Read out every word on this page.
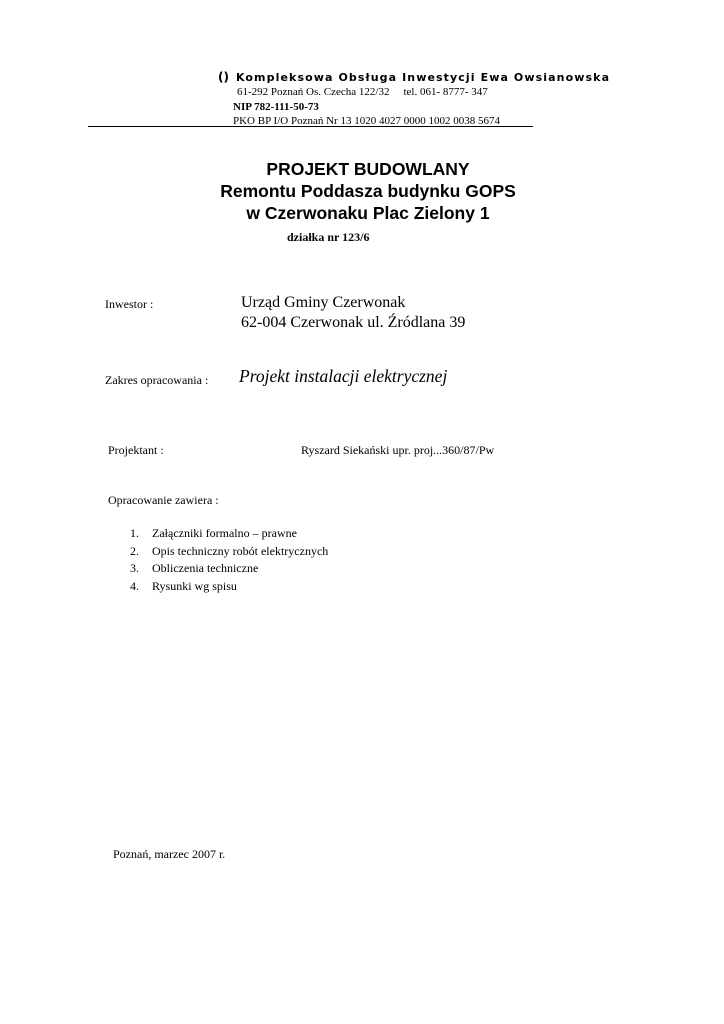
() Kompleksowa Obsługa Inwestycji Ewa Owsianowska
61-292 Poznań Os. Czecha 122/32 tel. 061- 8777- 347
NIP 782-111-50-73
PKO BP I/O Poznań Nr 13 1020 4027 0000 1002 0038 5674
PROJEKT BUDOWLANY
Remontu Poddasza budynku GOPS
w Czerwonaku Plac Zielony 1
działka nr 123/6
Inwestor :	Urząd Gminy Czerwonak
62-004 Czerwonak ul. Źródlana 39
Zakres opracowania : Projekt instalacji elektrycznej
Projektant :	Ryszard Siekański upr. proj...360/87/Pw
Opracowanie zawiera :
1. Załączniki formalno – prawne
2. Opis techniczny robót elektrycznych
3. Obliczenia techniczne
4. Rysunki wg spisu
Poznań, marzec 2007 r.
